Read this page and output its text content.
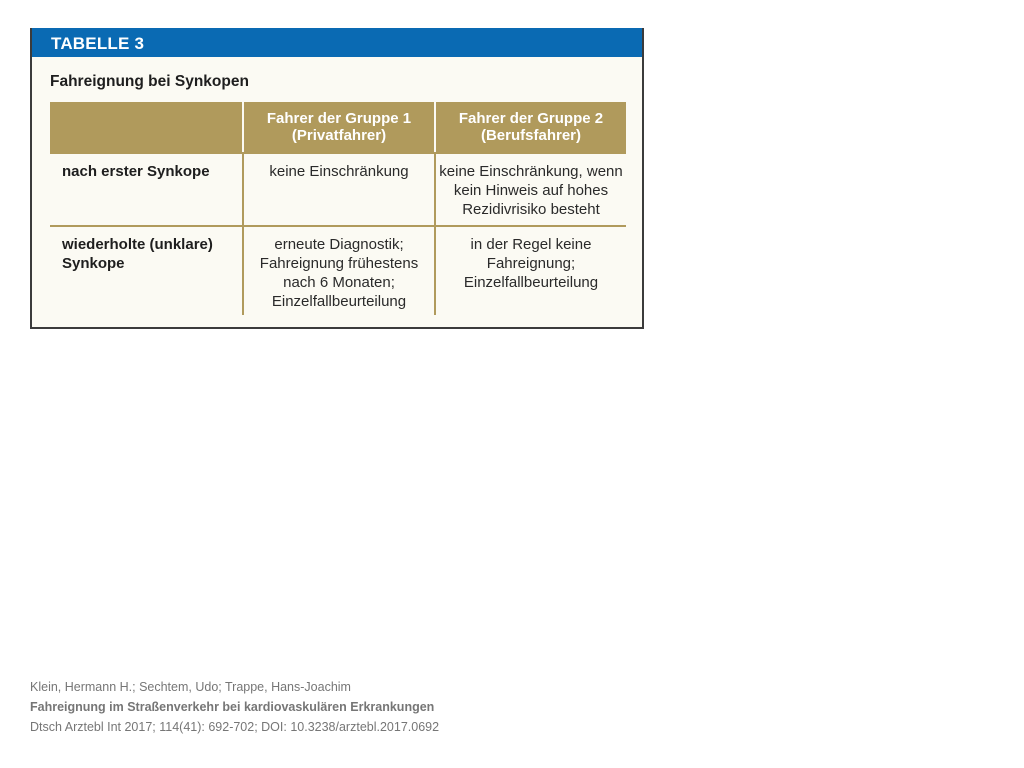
TABELLE 3
Fahreignung bei Synkopen
Fahrer der Gruppe 1
(Privatfahrer)
Fahrer der Gruppe 2
(Berufsfahrer)
nach erster Synkope	keine Einschränkung	keine Einschränkung, wenn
kein Hinweis auf hohes
Rezidivrisiko besteht
wiederholte (unklare)
Synkope
erneute Diagnostik;
Fahreignung frühestens
nach 6 Monaten;
Einzelfallbeurteilung
in der Regel keine
Fahreignung;
Einzelfallbeurteilung
Klein, Hermann H.; Sechtem, Udo; Trappe, Hans-Joachim
Fahreignung im Straßenverkehr bei kardiovaskulären Erkrankungen
Dtsch Arztebl Int 2017; 114(41): 692-702; DOI: 10.3238/arztebl.2017.0692
